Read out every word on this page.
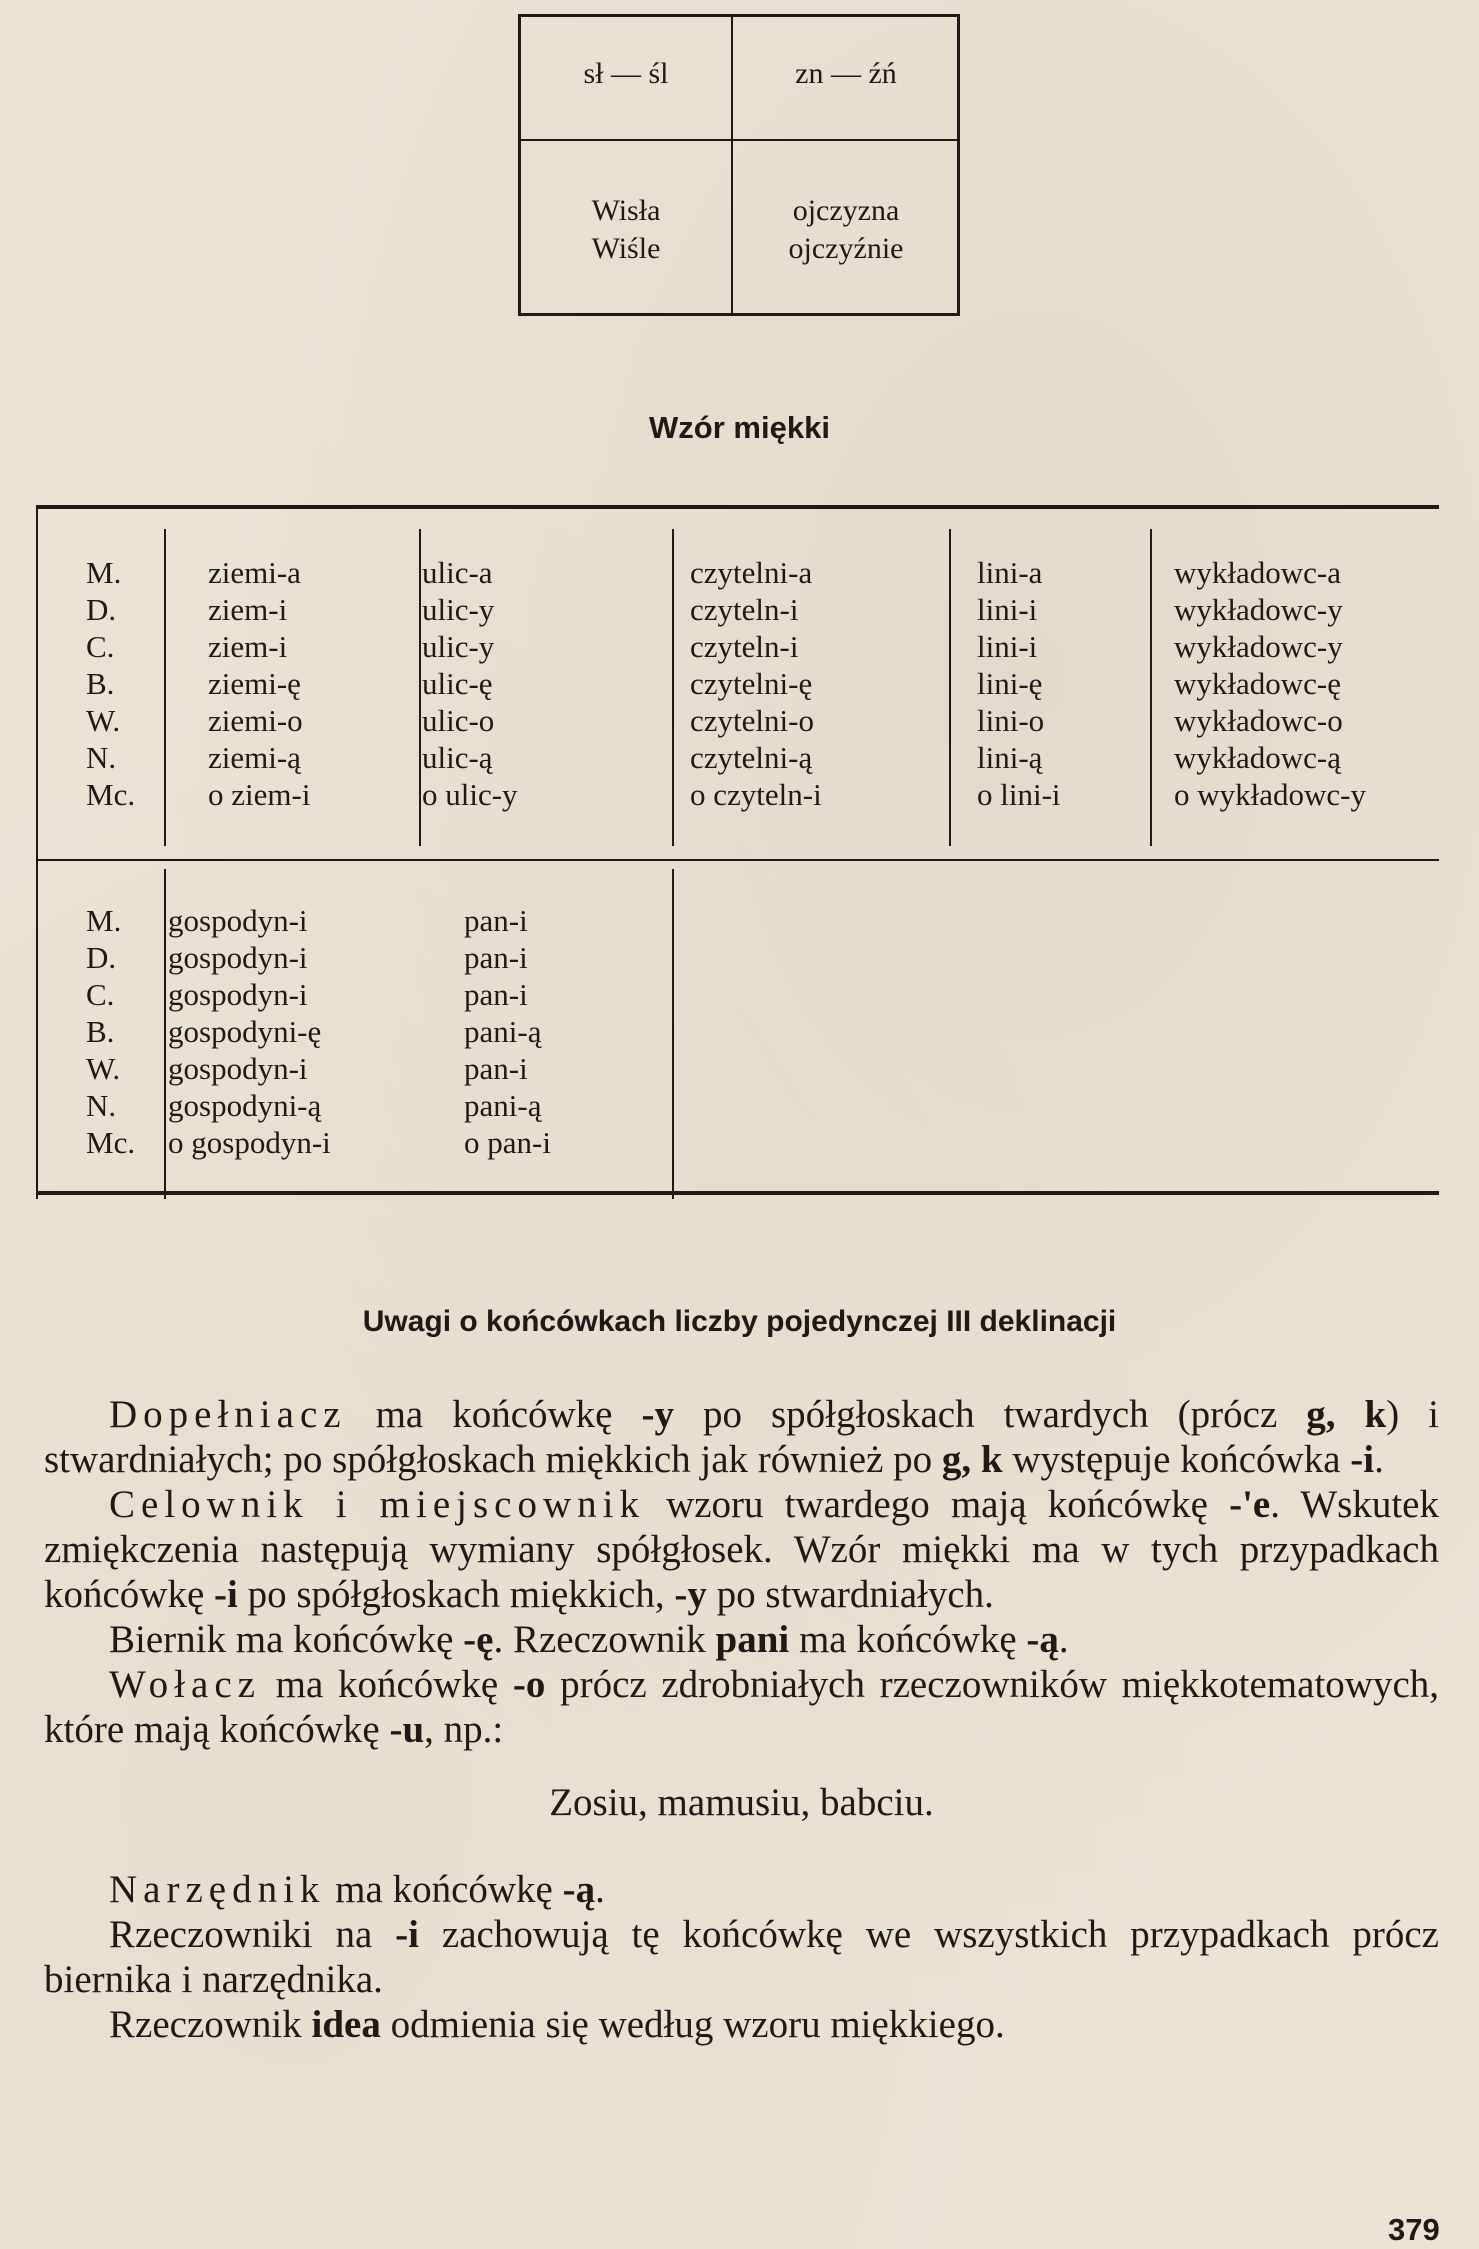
sł — śl	zn — źń
Wisła
Wiśle
ojczyzna
ojczyźnie
Wzór miękki
M.
D.
C.
B.
W.
N.
Mc.
ziemi-a
ziem-i
ziem-i
ziemi-ę
ziemi-o
ziemi-ą
o ziem-i
ulic-a
ulic-y
ulic-y
ulic-ę
ulic-o
ulic-ą
o ulic-y
czytelni-a
czyteln-i
czyteln-i
czytelni-ę
czytelni-o
czytelni-ą
o czyteln-i
lini-a
lini-i
lini-i
lini-ę
lini-o
lini-ą
o lini-i
wykładowc-a
wykładowc-y
wykładowc-y
wykładowc-ę
wykładowc-o
wykładowc-ą
o wykładowc-y
M.
D.
C.
B.
W.
N.
Mc.
gospodyn-i
gospodyn-i
gospodyn-i
gospodyni-ę
gospodyn-i
gospodyni-ą
o gospodyn-i
pan-i
pan-i
pan-i
pani-ą
pan-i
pani-ą
o pan-i
Uwagi o końcówkach liczby pojedynczej III deklinacji

Dopełniacz ma końcówkę -y po spółgłoskach twardych (prócz g, k) i stwardniałych; po spółgłoskach miękkich jak również po g, k występuje końcówka -i.

Celownik i miejscownik wzoru twardego mają końcówkę -'e. Wskutek zmiękczenia następują wymiany spółgłosek. Wzór miękki ma w tych przypadkach końcówkę -i po spółgłoskach miękkich, -y po stwardniałych.

Biernik ma końcówkę -ę. Rzeczownik pani ma końcówkę -ą.

Wołacz ma końcówkę -o prócz zdrobniałych rzeczowników miękkotematowych, które mają końcówkę -u, np.:

Zosiu, mamusiu, babciu.

Narzędnik ma końcówkę -ą.

Rzeczowniki na -i zachowują tę końcówkę we wszystkich przypadkach prócz biernika i narzędnika.

Rzeczownik idea odmienia się według wzoru miękkiego.

379
